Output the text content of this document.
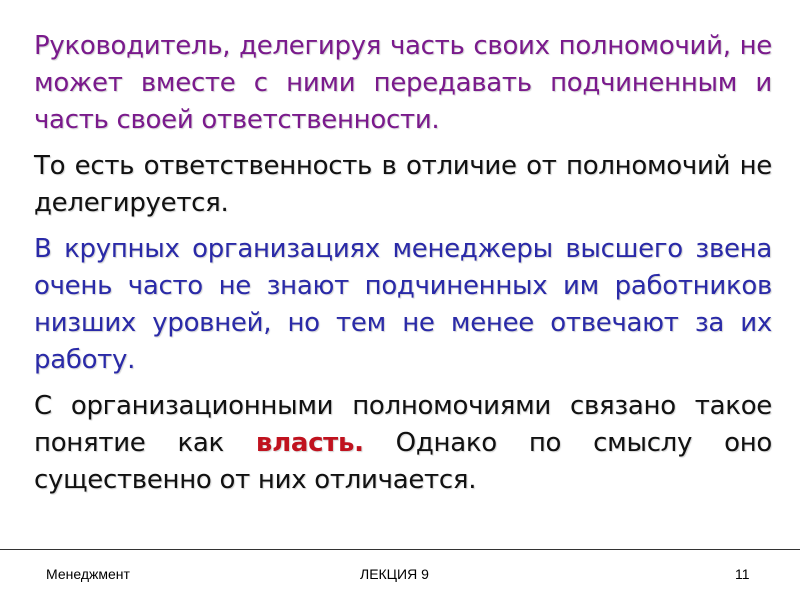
Руководитель, делегируя часть своих полномочий, не может вместе с ними передавать подчиненным и часть своей ответственности.

То есть ответственность в отличие от полномочий не делегируется.

В крупных организациях менеджеры высшего звена очень часто не знают подчиненных им работников низших уровней, но тем не менее отвечают за их работу.

С организационными полномочиями связано такое понятие как власть. Однако по смыслу оно существенно от них отличается.

Менеджмент	ЛЕКЦИЯ 9	11
